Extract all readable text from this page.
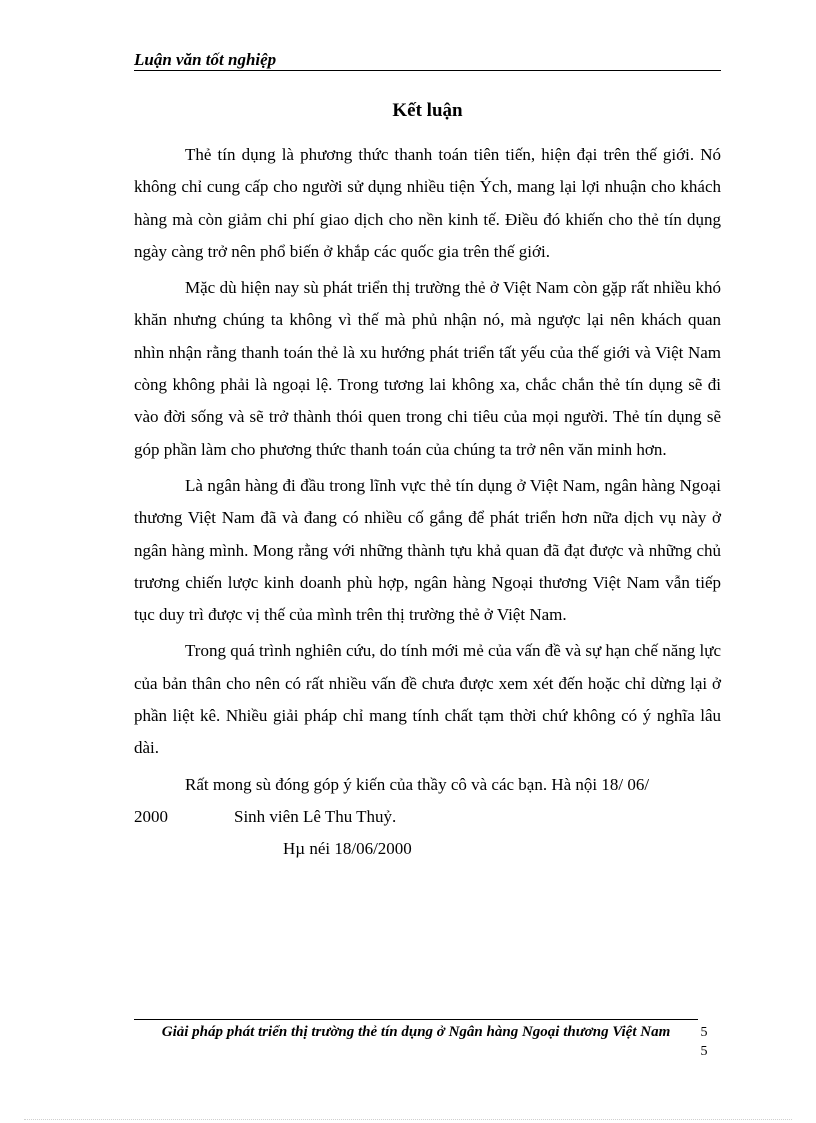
Luận văn tốt nghiệp
Kết luận

Thẻ tín dụng là phương thức thanh toán tiên tiến, hiện đại trên thế giới. Nó không chỉ cung cấp cho người sử dụng nhiều tiện Ých, mang lại lợi nhuận cho khách hàng mà còn giảm chi phí giao dịch cho nền kinh tế. Điều đó khiến cho thẻ tín dụng ngày càng trở nên phổ biến ở khắp các quốc gia trên thế giới.

Mặc dù hiện nay sù phát triển thị trường thẻ ở Việt Nam còn gặp rất nhiều khó khăn nhưng chúng ta không vì thế mà phủ nhận nó, mà ngược lại nên khách quan nhìn nhận rằng thanh toán thẻ là xu hướng phát triển tất yếu của thế giới và Việt Nam còng không phải là ngoại lệ. Trong tương lai không xa, chắc chắn thẻ tín dụng sẽ đi vào đời sống và sẽ trở thành thói quen trong chi tiêu của mọi người. Thẻ tín dụng sẽ góp phần làm cho phương thức thanh toán của chúng ta trở nên văn minh hơn.

Là ngân hàng đi đầu trong lĩnh vực thẻ tín dụng ở Việt Nam, ngân hàng Ngoại thương Việt Nam đã và đang có nhiều cố gắng để phát triển hơn nữa dịch vụ này ở ngân hàng mình. Mong rằng với những thành tựu khả quan đã đạt được và những chủ trương chiến lược kinh doanh phù hợp, ngân hàng Ngoại thương Việt Nam vẫn tiếp tục duy trì được vị thế của mình trên thị trường thẻ ở Việt Nam.

Trong quá trình nghiên cứu, do tính mới mẻ của vấn đề và sự hạn chế năng lực của bản thân cho nên có rất nhiều vấn đề chưa được xem xét đến hoặc chỉ dừng lại ở phần liệt kê. Nhiều giải pháp chỉ mang tính chất tạm thời chứ không có ý nghĩa lâu dài.

Rất mong sù đóng góp ý kiến của thầy cô và các bạn. Hà nội 18/ 06/

2000	Sinh viên Lê Thu Thuỷ.

Hµ néi 18/06/2000

Giải pháp phát triển thị trường thẻ tín dụng ở Ngân hàng Ngoại thương Việt Nam	5
5
